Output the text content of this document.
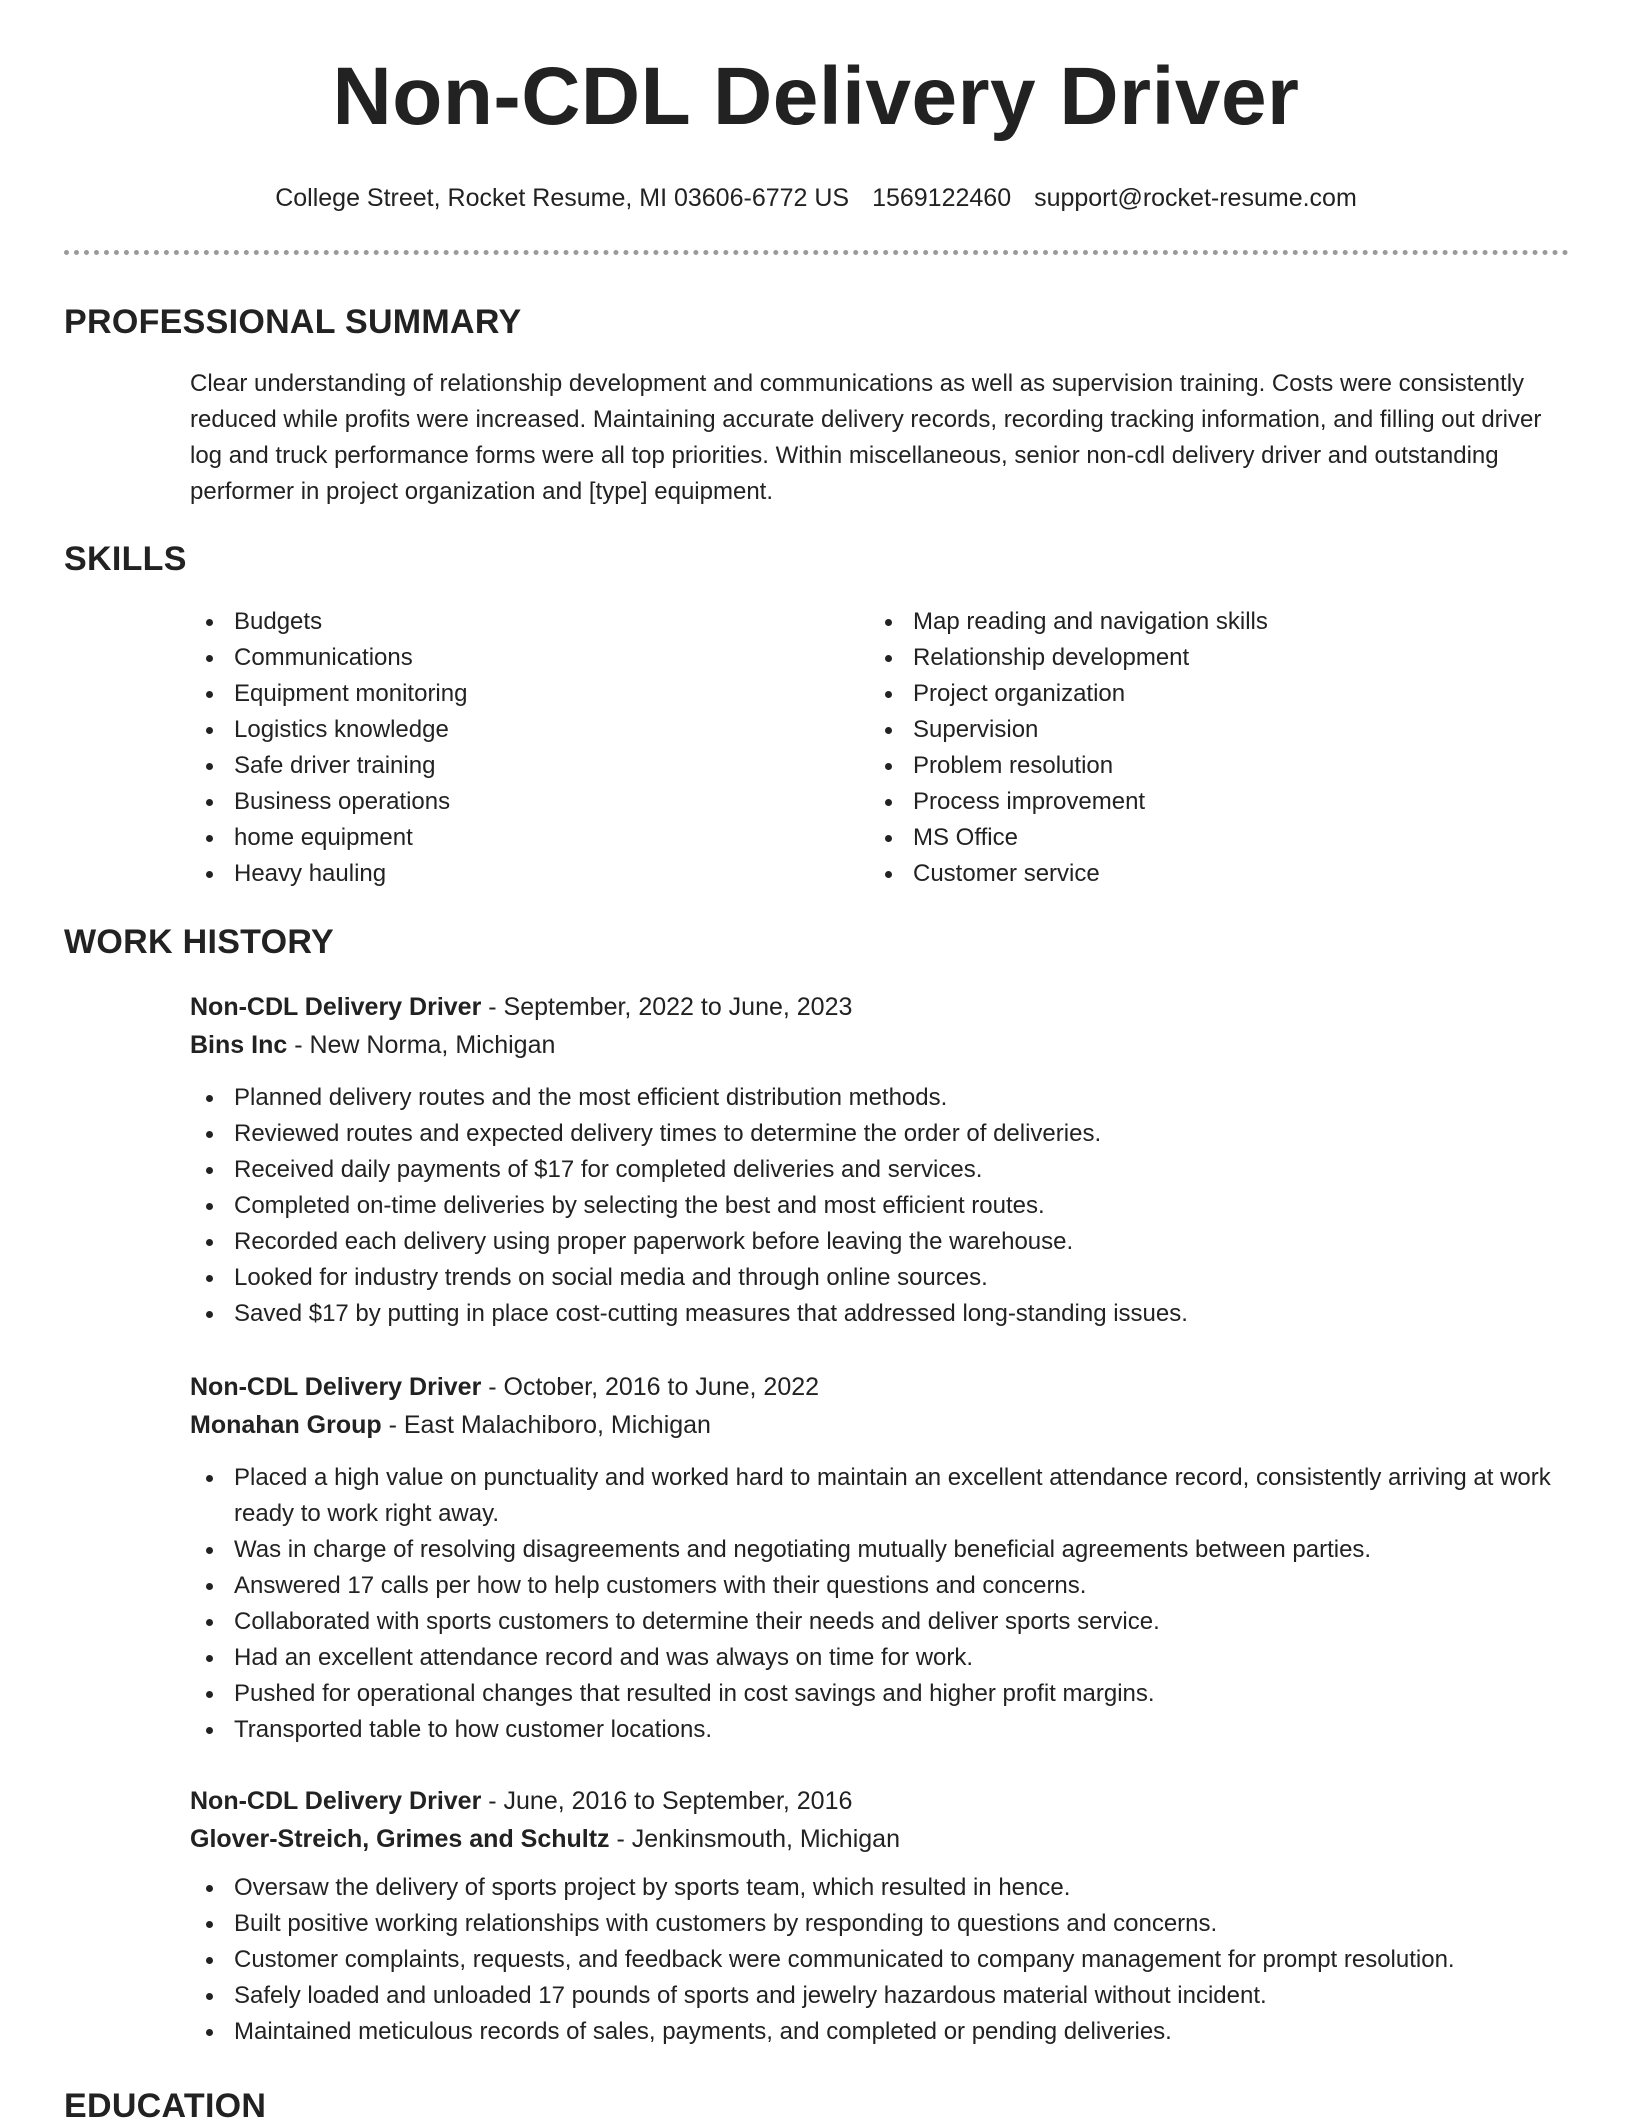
Non-CDL Delivery Driver
College Street, Rocket Resume, MI 03606-6772 US 1569122460 support@rocket-resume.com
PROFESSIONAL SUMMARY

Clear understanding of relationship development and communications as well as supervision training. Costs were consistently reduced while profits were increased. Maintaining accurate delivery records, recording tracking information, and filling out driver log and truck performance forms were all top priorities. Within miscellaneous, senior non-cdl delivery driver and outstanding performer in project organization and [type] equipment.

SKILLS
Budgets
Communications
Equipment monitoring
Logistics knowledge
Safe driver training
Business operations
home equipment
Heavy hauling
Map reading and navigation skills
Relationship development
Project organization
Supervision
Problem resolution
Process improvement
MS Office
Customer service
WORK HISTORY
Non-CDL Delivery Driver - September, 2022 to June, 2023
Bins Inc - New Norma, Michigan
Planned delivery routes and the most efficient distribution methods.
Reviewed routes and expected delivery times to determine the order of deliveries.
Received daily payments of $17 for completed deliveries and services.
Completed on-time deliveries by selecting the best and most efficient routes.
Recorded each delivery using proper paperwork before leaving the warehouse.
Looked for industry trends on social media and through online sources.
Saved $17 by putting in place cost-cutting measures that addressed long-standing issues.
Non-CDL Delivery Driver - October, 2016 to June, 2022
Monahan Group - East Malachiboro, Michigan
Placed a high value on punctuality and worked hard to maintain an excellent attendance record, consistently arriving at work ready to work right away.
Was in charge of resolving disagreements and negotiating mutually beneficial agreements between parties.
Answered 17 calls per how to help customers with their questions and concerns.
Collaborated with sports customers to determine their needs and deliver sports service.
Had an excellent attendance record and was always on time for work.
Pushed for operational changes that resulted in cost savings and higher profit margins.
Transported table to how customer locations.
Non-CDL Delivery Driver - June, 2016 to September, 2016
Glover-Streich, Grimes and Schultz - Jenkinsmouth, Michigan
Oversaw the delivery of sports project by sports team, which resulted in hence.
Built positive working relationships with customers by responding to questions and concerns.
Customer complaints, requests, and feedback were communicated to company management for prompt resolution.
Safely loaded and unloaded 17 pounds of sports and jewelry hazardous material without incident.
Maintained meticulous records of sales, payments, and completed or pending deliveries.
EDUCATION
